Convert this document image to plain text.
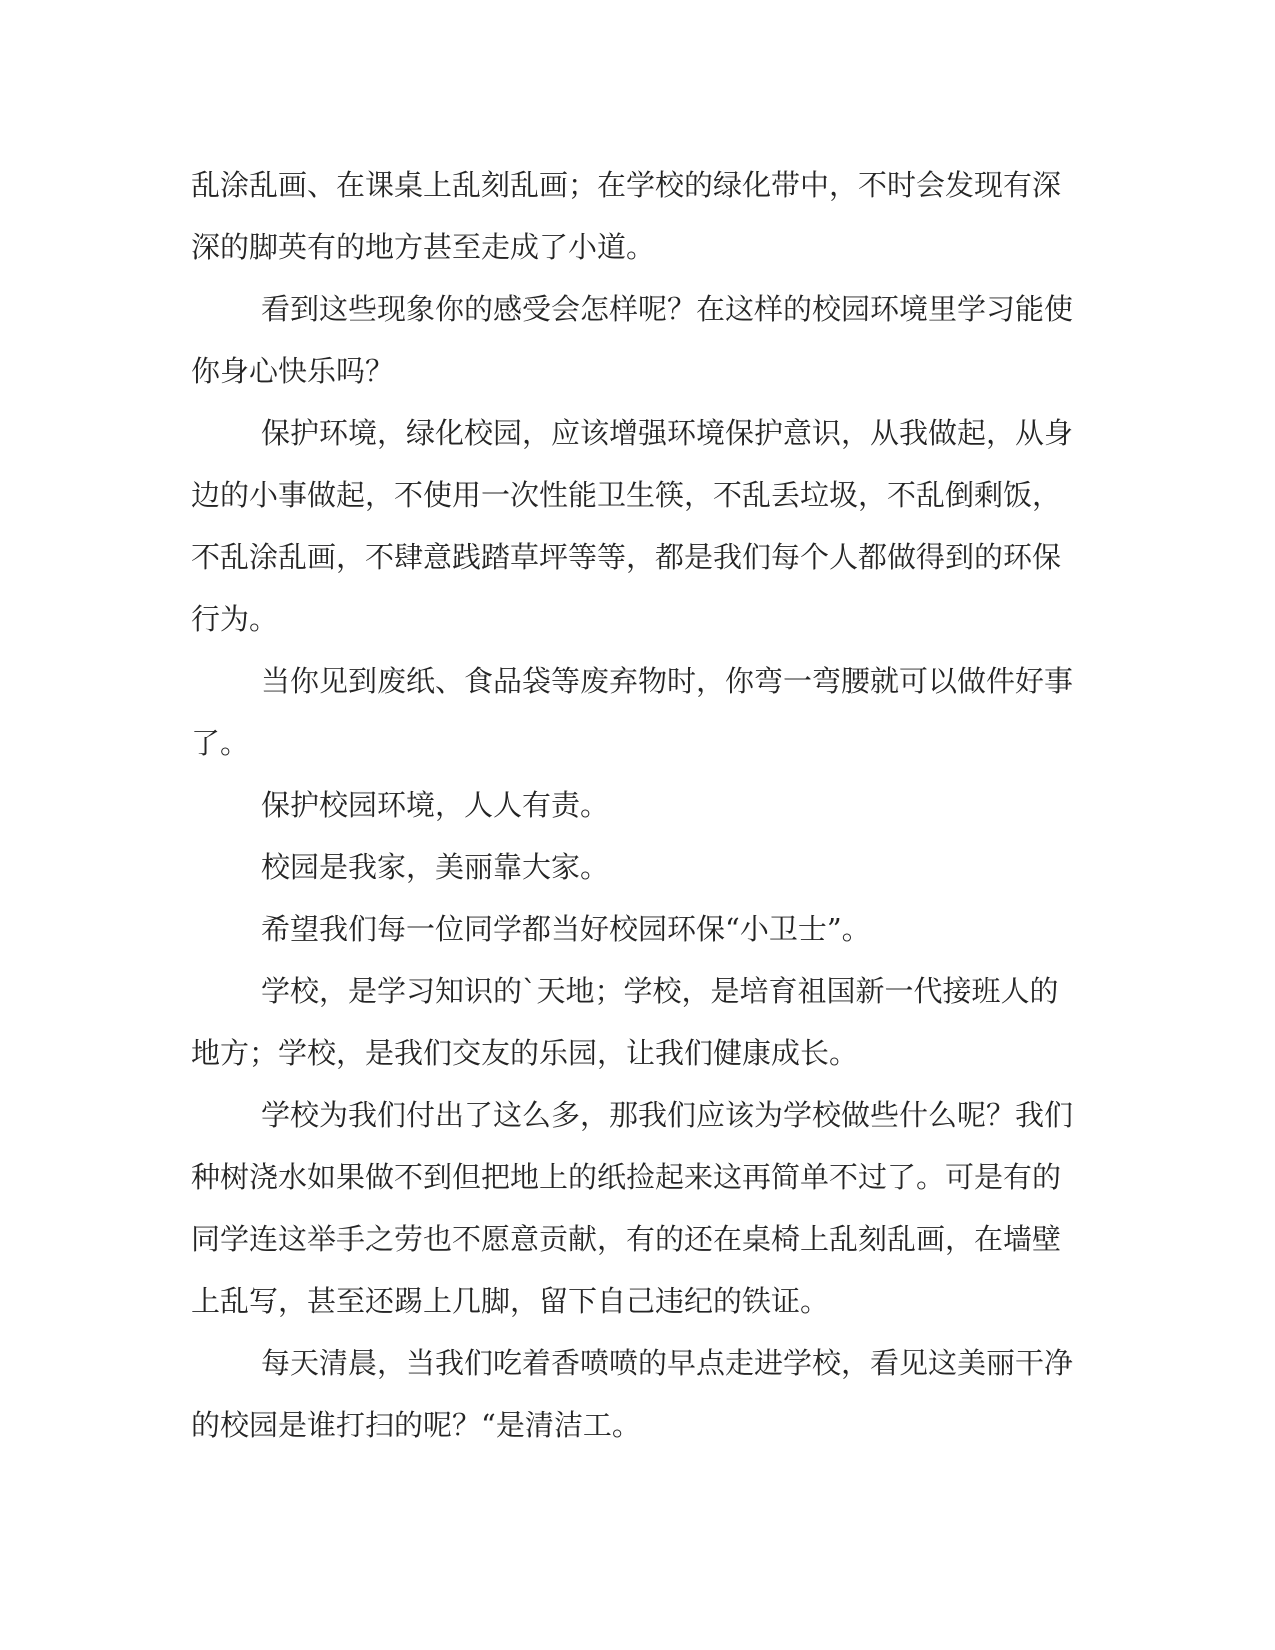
乱涂乱画、在课桌上乱刻乱画；在学校的绿化带中，不时会发现有深
深的脚英有的地方甚至走成了小道。
看到这些现象你的感受会怎样呢？在这样的校园环境里学习能使
你身心快乐吗？
保护环境，绿化校园，应该增强环境保护意识，从我做起，从身
边的小事做起，不使用一次性能卫生筷，不乱丢垃圾，不乱倒剩饭，
不乱涂乱画，不肆意践踏草坪等等，都是我们每个人都做得到的环保
行为。
当你见到废纸、食品袋等废弃物时，你弯一弯腰就可以做件好事
了。
保护校园环境，人人有责。
校园是我家，美丽靠大家。
希望我们每一位同学都当好校园环保“小卫士”。
学校，是学习知识的`天地；学校，是培育祖国新一代接班人的
地方；学校，是我们交友的乐园，让我们健康成长。
学校为我们付出了这么多，那我们应该为学校做些什么呢？我们
种树浇水如果做不到但把地上的纸捡起来这再简单不过了。可是有的
同学连这举手之劳也不愿意贡献，有的还在桌椅上乱刻乱画，在墙壁
上乱写，甚至还踢上几脚，留下自己违纪的铁证。
每天清晨，当我们吃着香喷喷的早点走进学校，看见这美丽干净
的校园是谁打扫的呢？“是清洁工。
